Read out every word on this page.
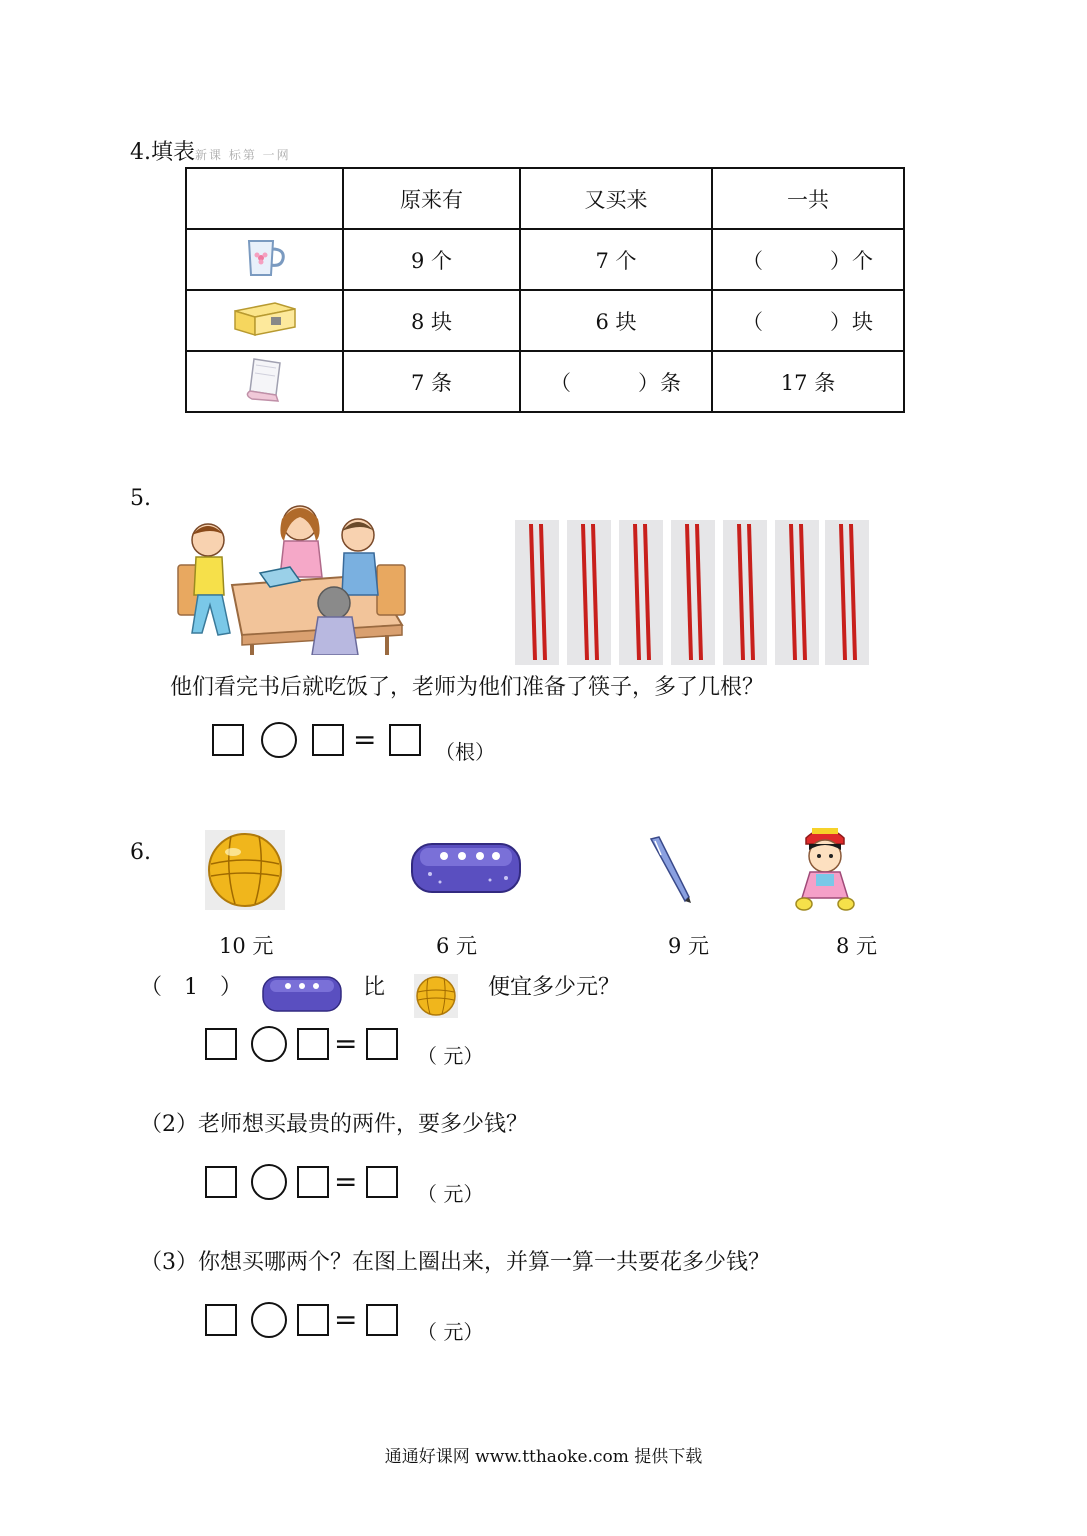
4.填表新课 标第 一网
	原来有	又买来	一共
	9 个	7 个	（　　　）个
	8 块	6 块	（　　　）块
	7 条	（　　　）条	17 条
5.
他们看完书后就吃饭了，老师为他们准备了筷子，多了几根？
=	（根）
6.
10 元	6 元	9 元	8 元
（　1　）	比	便宜多少元？
=	（ 元）
（2）老师想买最贵的两件，要多少钱？
=	（ 元）
（3）你想买哪两个？在图上圈出来，并算一算一共要花多少钱？
=	（ 元）
通通好课网 www.tthaoke.com 提供下载
